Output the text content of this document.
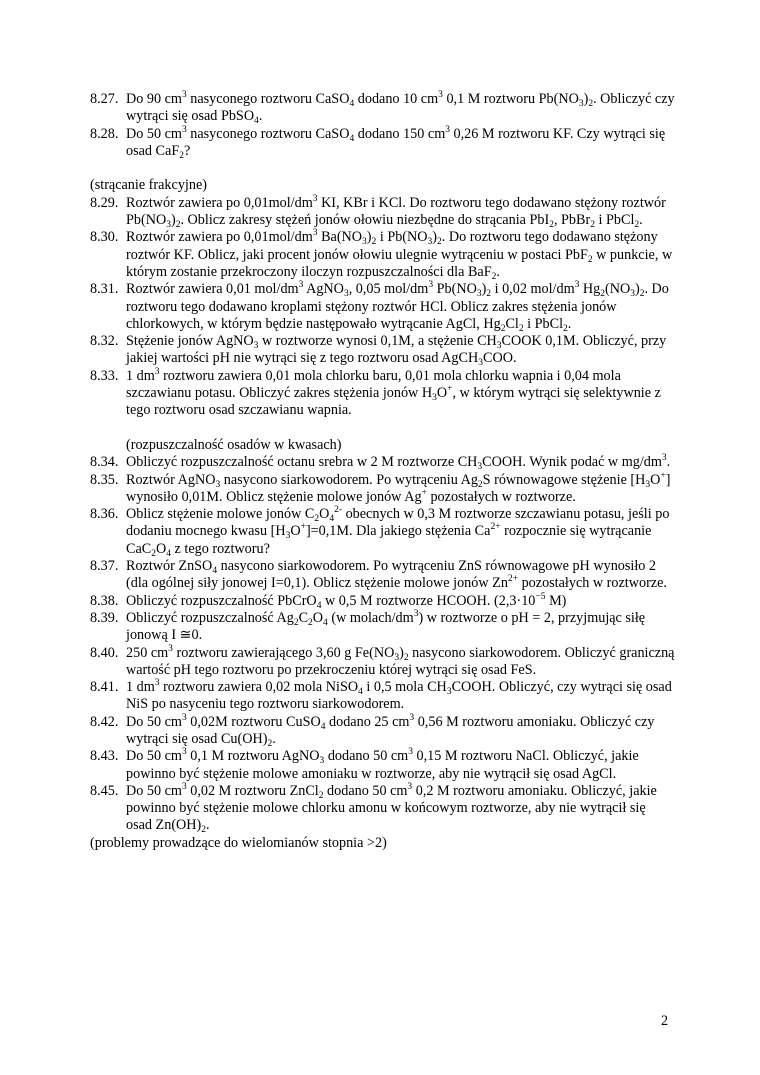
8.27. Do 90 $cm^3$ nasyconego roztworu CaSO$_4$ dodano 10 $cm^3$ 0,1 M roztworu $Pb(NO_3)_2$. Obliczyć czy wytrąci się osad PbSO$_4$.
8.28. Do 50 $cm^3$ nasyconego roztworu CaSO$_4$ dodano 150 $cm^3$ 0,26 M roztworu KF. Czy wytrąci się osad CaF$_2$?
(strącanie frakcyjne)
8.29. Roztwór zawiera po $0,01mol/dm^3$ KI, KBr i KCl. Do roztworu tego dodawano stężony roztwór $Pb(NO_3)_2$. Oblicz zakresy stężeń jonów ołowiu niezbędne do strącania PbI$_2$, PbBr$_2$ i PbCl$_2$.
8.30. Roztwór zawiera po $0,01mol/dm^3$ $Ba(NO_3)_2$ i $Pb(NO_3)_2$. Do roztworu tego dodawano stężony roztwór KF. Oblicz, jaki procent jonów ołowiu ulegnie wytrąceniu w postaci PbF$_2$ w punkcie, w którym zostanie przekroczony iloczyn rozpuszczalności dla BaF$_2$.
8.31. Roztwór zawiera 0,01 mol/$dm^3$ AgNO$_3$, 0,05 mol/$dm^3$ $Pb(NO_3)_2$ i 0,02 mol/$dm^3$ $Hg_2(NO_3)_2$. Do roztworu tego dodawano kroplami stężony roztwór HCl. Oblicz zakres stężenia jonów chlorkowych, w którym będzie następowało wytrącanie AgCl, $Hg_2Cl_2$ i PbCl$_2$.
8.32. Stężenie jonów AgNO$_3$ w roztworze wynosi 0,1M, a stężenie $CH_3COOK$ 0,1M. Obliczyć, przy jakiej wartości pH nie wytrąci się z tego roztworu osad AgCH$_3$COO.
8.33. 1 $dm^3$ roztworu zawiera 0,01 mola chlorku baru, 0,01 mola chlorku wapnia i 0,04 mola szczawianu potasu. Obliczyć zakres stężenia jonów $H_3O^+$, w którym wytrąci się selektywnie z tego roztworu osad szczawianu wapnia.
(rozpuszczalność osadów w kwasach)
8.34. Obliczyć rozpuszczalność octanu srebra w 2 M roztworze $CH_3COOH$. Wynik podać w $mg/dm^3$.
8.35. Roztwór AgNO$_3$ nasycono siarkowodorem. Po wytrąceniu $Ag_2S$ równowagowe stężenie $[H_3O^+]$ wynosiło 0,01M. Oblicz stężenie molowe jonów Ag+ pozostałych w roztworze.
8.36. Oblicz stężenie molowe jonów $C_2O_4^{2-}$ obecnych w 0,3 M roztworze szczawianu potasu, jeśli po dodaniu mocnego kwasu $[H_3O^+]=0,1M$. Dla jakiego stężenia $Ca^{2+}$ rozpocznie się wytrącanie $CaC_2O_4$ z tego roztworu?
8.37. Roztwór ZnSO$_4$ nasycono siarkowodorem. Po wytrąceniu ZnS równowagowe pH wynosiło 2 (dla ogólnej siły jonowej I=0,1). Oblicz stężenie molowe jonów $Zn^{2+}$ pozostałych w roztworze.
8.38. Obliczyć rozpuszczalność PbCrO$_4$ w 0,5 M roztworze HCOOH. ($2,3\cdot 10^{-5}$ M)
8.39. Obliczyć rozpuszczalność $Ag_2C_2O_4$ (w molach/$dm^3$) w roztworze o pH = 2, przyjmując siłę jonową I ≅0.
8.40. 250 $cm^3$ roztworu zawierającego 3,60 g $Fe(NO_3)_2$ nasycono siarkowodorem. Obliczyć graniczną wartość pH tego roztworu po przekroczeniu której wytrąci się osad FeS.
8.41. 1 $dm^3$ roztworu zawiera 0,02 mola NiSO$_4$ i 0,5 mola $CH_3COOH$. Obliczyć, czy wytrąci się osad NiS po nasyceniu tego roztworu siarkowodorem.
8.42. Do 50 $cm^3$ 0,02M roztworu CuSO$_4$ dodano 25 $cm^3$ 0,56 M roztworu amoniaku. Obliczyć czy wytrąci się osad $Cu(OH)_2$.
8.43. Do 50 $cm^3$ 0,1 M roztworu AgNO$_3$ dodano 50 $cm^3$ 0,15 M roztworu NaCl. Obliczyć, jakie powinno być stężenie molowe amoniaku w roztworze, aby nie wytrącił się osad AgCl.
8.45. Do 50 $cm^3$ 0,02 M roztworu ZnCl$_2$ dodano 50 $cm^3$ 0,2 M roztworu amoniaku. Obliczyć, jakie powinno być stężenie molowe chlorku amonu w końcowym roztworze, aby nie wytrącił się osad $Zn(OH)_2$.
(problemy prowadzące do wielomianów stopnia >2)
2
